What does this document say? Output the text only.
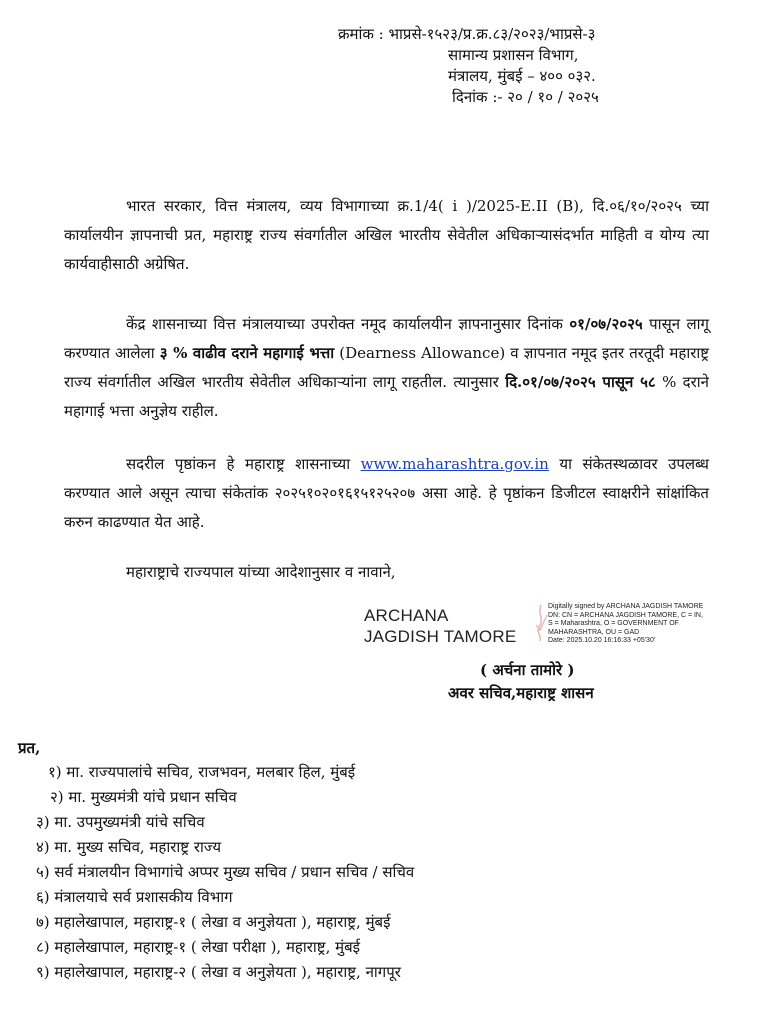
क्रमांक : भाप्रसे-१५२३/प्र.क्र.८३/२०२३/भाप्रसे-३
सामान्य प्रशासन विभाग,
मंत्रालय, मुंबई – ४०० ०३२.
दिनांक :- २० / १० / २०२५
भारत सरकार, वित्त मंत्रालय, व्यय विभागाच्या क्र.1/4( i )/2025-E.II (B), दि.०६/१०/२०२५ च्या कार्यालयीन ज्ञापनाची प्रत, महाराष्ट्र राज्य संवर्गातील अखिल भारतीय सेवेतील अधिकाऱ्यासंदर्भात माहिती व योग्य त्या कार्यवाहीसाठी अग्रेषित.
केंद्र शासनाच्या वित्त मंत्रालयाच्या उपरोक्त नमूद कार्यालयीन ज्ञापनानुसार दिनांक ०१/०७/२०२५ पासून लागू करण्यात आलेला ३ % वाढीव दराने महागाई भत्ता (Dearness Allowance) व ज्ञापनात नमूद इतर तरतूदी महाराष्ट्र राज्य संवर्गातील अखिल भारतीय सेवेतील अधिकाऱ्यांना लागू राहतील. त्यानुसार दि.०१/०७/२०२५ पासून ५८ % दराने महागाई भत्ता अनुज्ञेय राहील.
सदरील पृष्ठांकन हे महाराष्ट्र शासनाच्या www.maharashtra.gov.in या संकेतस्थळावर उपलब्ध करण्यात आले असून त्याचा संकेतांक २०२५१०२०१६१५१२५२०७ असा आहे. हे पृष्ठांकन डिजीटल स्वाक्षरीने सांक्षांकित करुन काढण्यात येत आहे.
महाराष्ट्राचे राज्यपाल यांच्या आदेशानुसार व नावाने,
ARCHANA
JAGDISH TAMORE
Digitally signed by ARCHANA JAGDISH TAMORE
DN: CN = ARCHANA JAGDISH TAMORE, C = IN,
S = Maharashtra, O = GOVERNMENT OF
MAHARASHTRA, OU = GAD
Date: 2025.10.20 16:16:33 +05'30'
( अर्चना तामोरे )
अवर सचिव,महाराष्ट्र शासन
प्रत,
१) मा. राज्यपालांचे सचिव, राजभवन, मलबार हिल, मुंबई
२) मा. मुख्यमंत्री यांचे प्रधान सचिव
३) मा. उपमुख्यमंत्री यांचे सचिव
४) मा. मुख्य सचिव, महाराष्ट्र राज्य
५) सर्व मंत्रालयीन विभागांचे अप्पर मुख्य सचिव / प्रधान सचिव / सचिव
६) मंत्रालयाचे सर्व प्रशासकीय विभाग
७) महालेखापाल, महाराष्ट्र-१ ( लेखा व अनुज्ञेयता ), महाराष्ट्र, मुंबई
८) महालेखापाल, महाराष्ट्र-१ ( लेखा परीक्षा ), महाराष्ट्र, मुंबई
९) महालेखापाल, महाराष्ट्र-२ ( लेखा व अनुज्ञेयता ), महाराष्ट्र, नागपूर
